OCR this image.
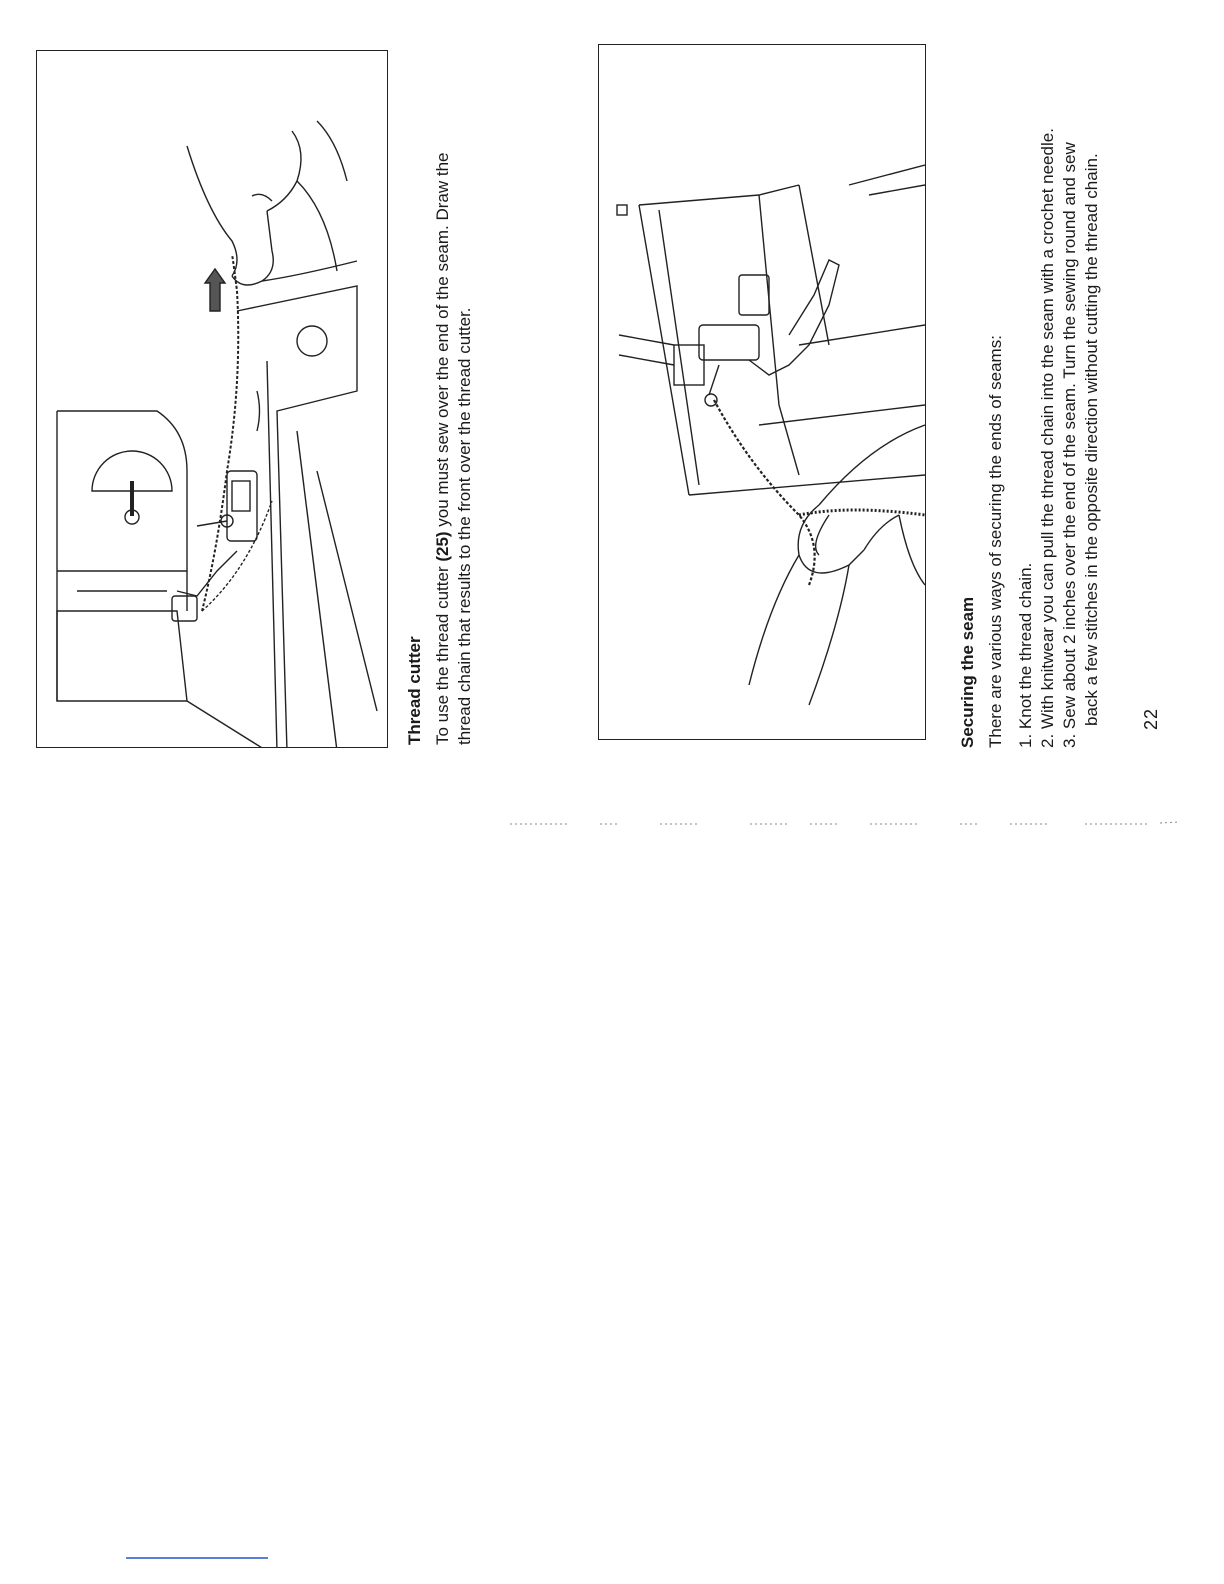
Thread cutter To use the thread cutter (25) you must sew over the end of the seam. Draw the thread chain that results to the front over the thread cutter.	Securing the seam There are various ways of securing the ends of seams: 1. Knot the thread chain.
2. With knitwear you can pull the thread chain into the seam with a crochet needle.
3. Sew about 2 inches over the end of the seam. Turn the sewing round and sew back a few stitches in the opposite direction without cutting the thread chain. 22
